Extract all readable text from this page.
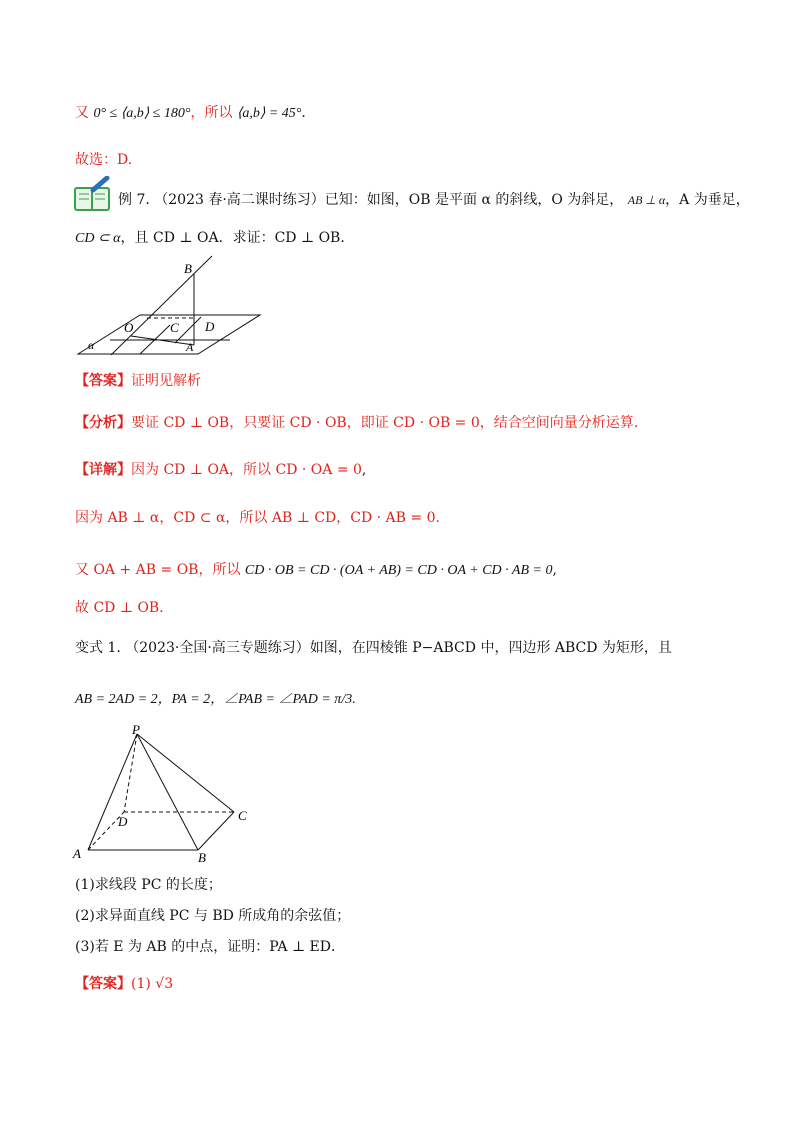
又 0° ≤ ⟨a,b⟩ ≤ 180°，所以 ⟨a,b⟩ = 45°.
故选：D.
例 7. （2023 春·高二课时练习）已知：如图，OB 是平面 α 的斜线，O 为斜足， AB ⊥ α，A 为垂足，
CD ⊂ α，且 CD ⊥ OA．求证：CD ⊥ OB．
B
O	C D
A
α
【答案】证明见解析
【分析】要证 CD ⊥ OB，只要证 CD · OB，即证 CD · OB = 0，结合空间向量分析运算.
【详解】因为 CD ⊥ OA，所以 CD · OA = 0,
因为 AB ⊥ α，CD ⊂ α，所以 AB ⊥ CD，CD · AB = 0.
又 OA + AB = OB，所以 CD · OB = CD · (OA + AB) = CD · OA + CD · AB = 0,
故 CD ⊥ OB．
变式 1. （2023·全国·高三专题练习）如图，在四棱锥 P−ABCD 中，四边形 ABCD 为矩形，且
AB = 2AD = 2，PA = 2，∠PAB = ∠PAD = π/3.
P
D	C
A	B
(1)求线段 PC 的长度；
(2)求异面直线 PC 与 BD 所成角的余弦值；
(3)若 E 为 AB 的中点，证明：PA ⊥ ED．
【答案】(1) √3
